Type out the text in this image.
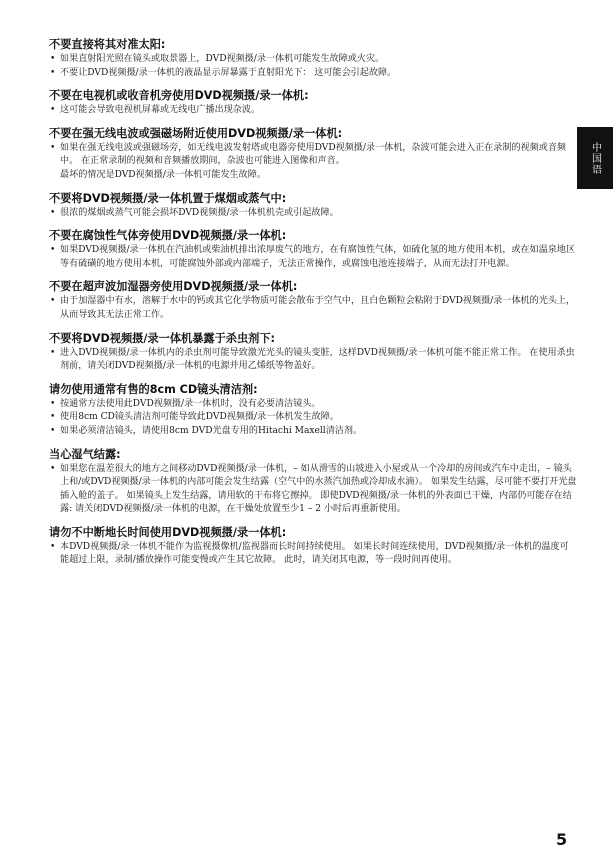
不要直接将其对准太阳:
• 如果直射阳光照在镜头或取景器上，DVD视频摄/录一体机可能发生故障或火灾。
• 不要让DVD视频摄/录一体机的液晶显示屏暴露于直射阳光下： 这可能会引起故障。
不要在电视机或收音机旁使用DVD视频摄/录一体机:
• 这可能会导致电视机屏幕或无线电广播出现杂波。
不要在强无线电波或强磁场附近使用DVD视频摄/录一体机:
• 如果在强无线电波或强磁场旁，如无线电波发射塔或电器旁使用DVD视频摄/录一体机，杂波可能会进入正在录制的视频或音频中。 在正常录制的视频和音频播放期间，杂波也可能进入图像和声音。
最坏的情况是DVD视频摄/录一体机可能发生故障。
不要将DVD视频摄/录一体机置于煤烟或蒸气中:
• 很浓的煤烟或蒸气可能会损坏DVD视频摄/录一体机机壳或引起故障。
不要在腐蚀性气体旁使用DVD视频摄/录一体机:
• 如果DVD视频摄/录一体机在汽油机或柴油机排出浓厚废气的地方，在有腐蚀性气体，如硫化氢的地方使用本机，或在如温泉地区等有硫磺的地方使用本机，可能腐蚀外部或内部端子，无法正常操作，或腐蚀电池连接端子，从而无法打开电源。
不要在超声波加湿器旁使用DVD视频摄/录一体机:
• 由于加湿器中有水，溶解于水中的钙或其它化学物质可能会散布于空气中，且白色颗粒会粘附于DVD视频摄/录一体机的光头上，从而导致其无法正常工作。
不要将DVD视频摄/录一体机暴露于杀虫剂下:
• 进入DVD视频摄/录一体机内的杀虫剂可能导致激光光头的镜头变脏，这样DVD视频摄/录一体机可能不能正常工作。 在使用杀虫剂前，请关闭DVD视频摄/录一体机的电源并用乙烯纸等物盖好。
请勿使用通常有售的8cm CD镜头清洁剂:
• 按通常方法使用此DVD视频摄/录一体机时，没有必要清洁镜头。
• 使用8cm CD镜头清洁剂可能导致此DVD视频摄/录一体机发生故障。
• 如果必须清洁镜头，请使用8cm DVD光盘专用的Hitachi Maxell清洁剂。
当心湿气结露:
• 如果您在温差很大的地方之间移动DVD视频摄/录一体机，– 如从滑雪的山坡进入小屋或从一个冷却的房间或汽车中走出，– 镜头上和/或DVD视频摄/录一体机的内部可能会发生结露（空气中的水蒸汽加热或冷却成水滴）。 如果发生结露，尽可能不要打开光盘插入舱的盖子。 如果镜头上发生结露，请用软的干布将它擦掉。 即使DVD视频摄/录一体机的外表面已干燥，内部仍可能存在结露: 请关闭DVD视频摄/录一体机的电源，在干燥处放置至少1 – 2 小时后再重新使用。
请勿不中断地长时间使用DVD视频摄/录一体机:
• 本DVD视频摄/录一体机不能作为监视摄像机/监视器而长时间持续使用。 如果长时间连续使用，DVD视频摄/录一体机的温度可能超过上限，录制/播放操作可能变慢或产生其它故障。 此时，请关闭其电源，等一段时间再使用。
中国语
5
